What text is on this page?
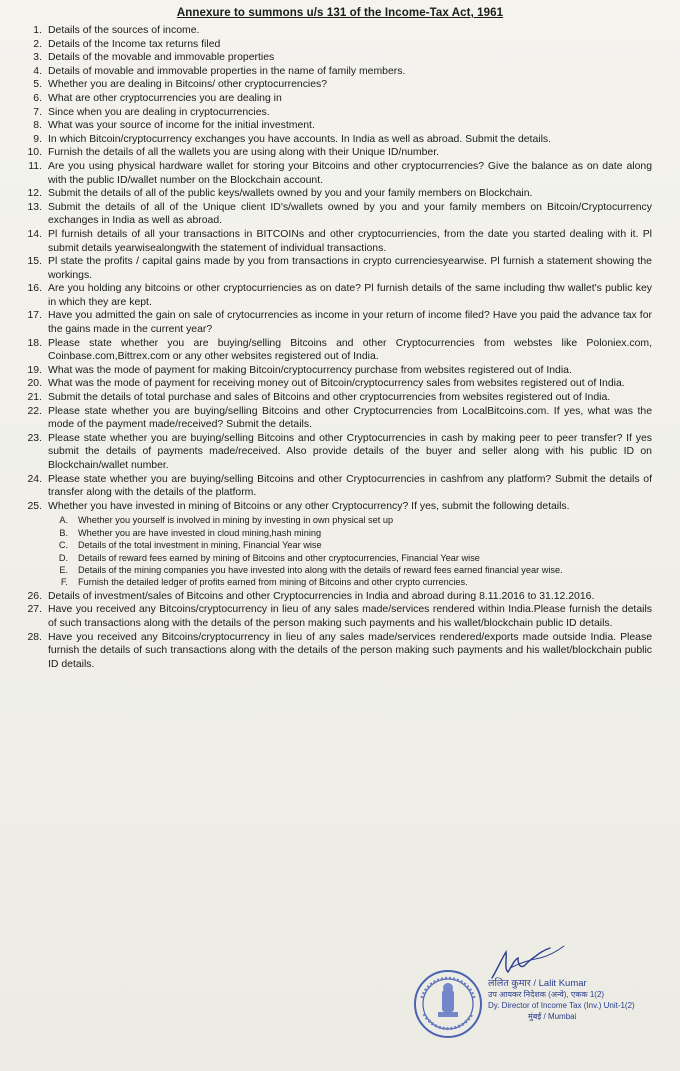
Annexure to summons u/s 131 of the Income-Tax Act, 1961
1. Details of the sources of income.
2. Details of the Income tax returns filed
3. Details of the movable and immovable properties
4. Details of movable and immovable properties in the name of family members.
5. Whether you are dealing in Bitcoins/ other cryptocurrencies?
6. What are other cryptocurrencies you are dealing in
7. Since when you are dealing in cryptocurrencies.
8. What was your source of income for the initial investment.
9. In which Bitcoin/cryptocurrency exchanges you have accounts. In India as well as abroad. Submit the details.
10. Furnish the details of all the wallets you are using along with their Unique ID/number.
11. Are you using physical hardware wallet for storing your Bitcoins and other cryptocurrencies? Give the balance as on date along with the public ID/wallet number on the Blockchain account.
12. Submit the details of all of the public keys/wallets owned by you and your family members on Blockchain.
13. Submit the details of all of the Unique client ID's/wallets owned by you and your family members on Bitcoin/Cryptocurrency exchanges in India as well as abroad.
14. Pl furnish details of all your transactions in BITCOINs and other cryptocurriencies, from the date you started dealing with it. Pl submit details yearwisealongwith the statement of individual transactions.
15. Pl state the profits / capital gains made by you from transactions in crypto currenciesyearwise. Pl furnish a statement showing the workings.
16. Are you holding any bitcoins or other cryptocurriencies as on date? Pl furnish details of the same including thw wallet's public key in which they are kept.
17. Have you admitted the gain on sale of crytocurrencies as income in your return of income filed? Have you paid the advance tax for the gains made in the current year?
18. Please state whether you are buying/selling Bitcoins and other Cryptocurrencies from webstes like Poloniex.com, Coinbase.com,Bittrex.com or any other websites registered out of India.
19. What was the mode of payment for making Bitcoin/cryptocurrency purchase from websites registered out of India.
20. What was the mode of payment for receiving money out of Bitcoin/cryptocurrency sales from websites registered out of India.
21. Submit the details of total purchase and sales of Bitcoins and other cryptocurrencies from websites registered out of India.
22. Please state whether you are buying/selling Bitcoins and other Cryptocurrencies from LocalBitcoins.com. If yes, what was the mode of the payment made/received? Submit the details.
23. Please state whether you are buying/selling Bitcoins and other Cryptocurrencies in cash by making peer to peer transfer? If yes submit the details of payments made/received. Also provide details of the buyer and seller along with his public ID on Blockchain/wallet number.
24. Please state whether you are buying/selling Bitcoins and other Cryptocurrencies in cashfrom any platform? Submit the details of transfer along with the details of the platform.
25. Whether you have invested in mining of Bitcoins or any other Cryptocurrency? If yes, submit the following details.
A.	Whether you yourself is involved in mining by investing in own physical set up
B.	Whether you are have invested in cloud mining,hash mining
C.	Details of the total investment in mining, Financial Year wise
D.	Details of reward fees earned by mining of Bitcoins and other cryptocurrencies, Financial Year wise
E.	Details of the mining companies you have invested into along with the details of reward fees earned financial year wise.
F.	Furnish the detailed ledger of profits earned from mining of Bitcoins and other crypto currencies.
26. Details of investment/sales of Bitcoins and other Cryptocurrencies in India and abroad during 8.11.2016 to 31.12.2016.
27. Have you received any Bitcoins/cryptocurrency in lieu of any sales made/services rendered within India.Please furnish the details of such transactions along with the details of the person making such payments and his wallet/blockchain public ID details.
28. Have you received any Bitcoins/cryptocurrency in lieu of any sales made/services rendered/exports made outside India. Please furnish the details of such transactions along with the details of the person making such payments and his wallet/blockchain public ID details.
ललित कुमार / Lalit Kumar
उप आयकर निदेशक (अन्वे), एकक 1(2)
Dy. Director of Income Tax (Inv.) Unit-1(2)
मुंबई / Mumbai
